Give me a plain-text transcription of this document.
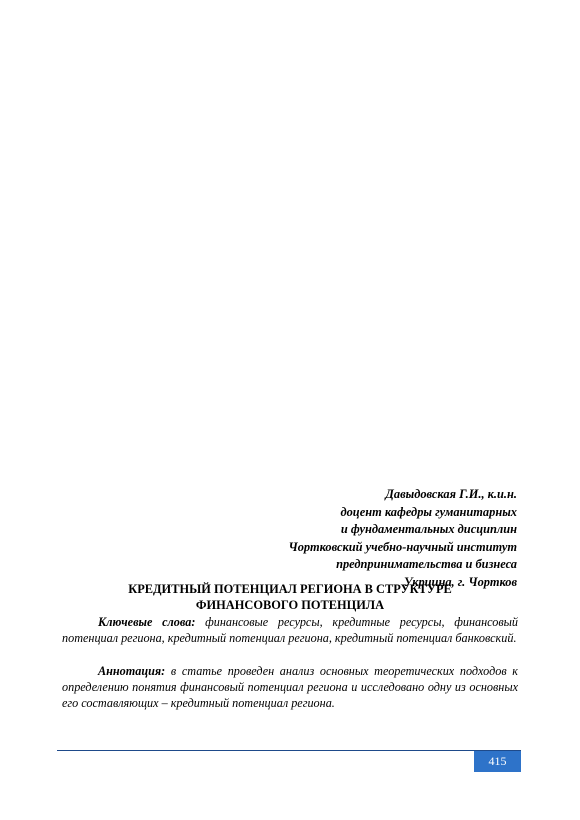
Давыдовская Г.И., к.и.н.
доцент кафедры гуманитарных
и фундаментальных дисциплин
Чортковский учебно-научный институт
предпринимательства и бизнеса
Укриина, г. Чортков
КРЕДИТНЫЙ ПОТЕНЦИАЛ РЕГИОНА В СТРУКТУРЕ
ФИНАНСОВОГО ПОТЕНЦИЛА
Ключевые слова: финансовые ресурсы, кредитные ресурсы, финансовый потенциал региона, кредитный потенциал региона, кредитный потенциал банковский.
Аннотация: в статье проведен анализ основных теоретических подходов к определению понятия финансовый потенциал региона и исследовано одну из основных его составляющих – кредитный потенциал региона.
415
